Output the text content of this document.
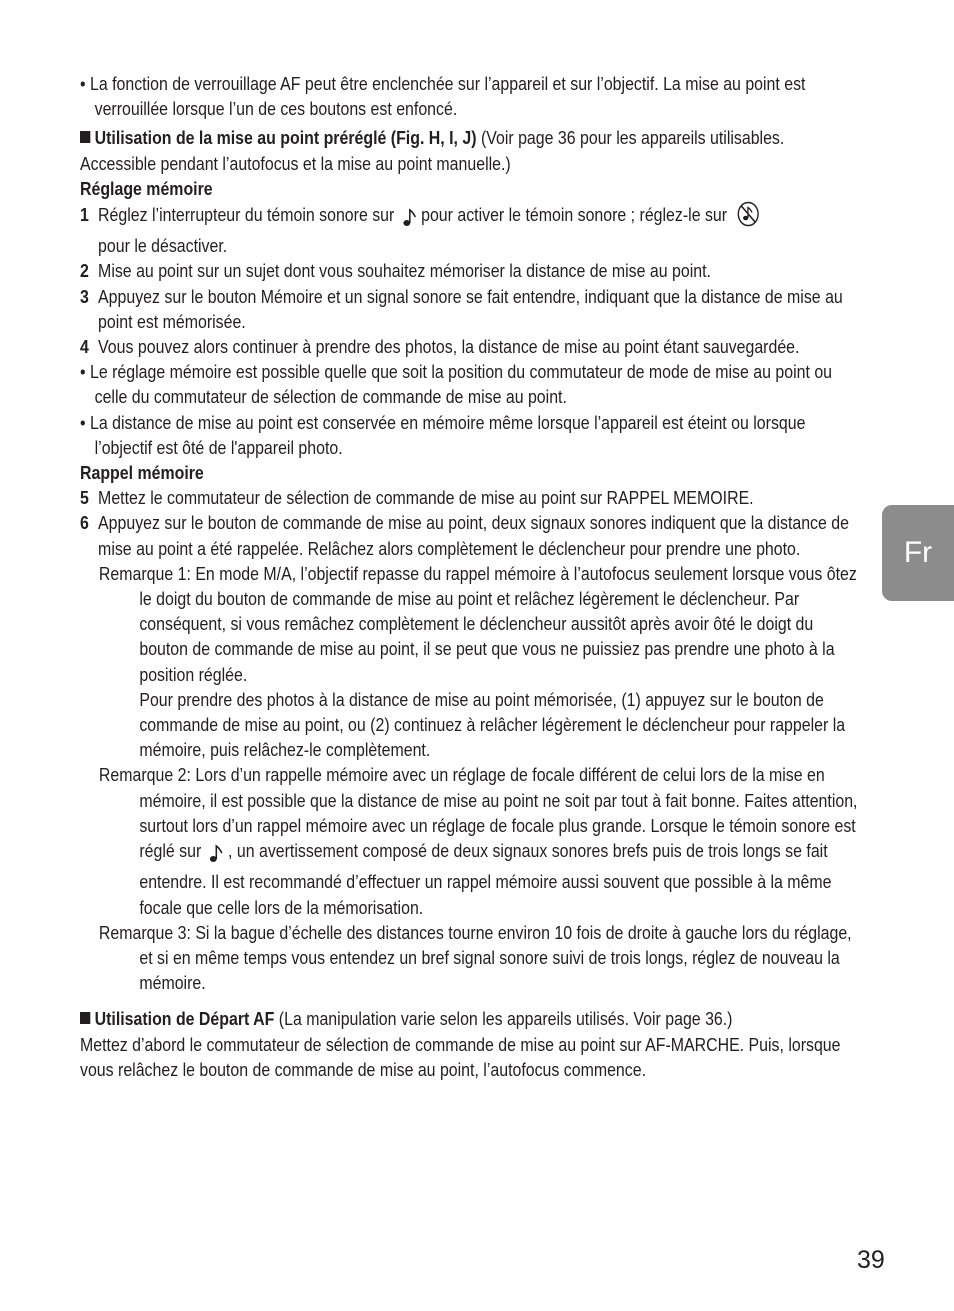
• La fonction de verrouillage AF peut être enclenchée sur l’appareil et sur l’objectif. La mise au point est verrouillée lorsque l’un de ces boutons est enfoncé.

Utilisation de la mise au point préréglé (Fig. H, I, J) (Voir page 36 pour les appareils utilisables. Accessible pendant l’autofocus et la mise au point manuelle.)

Réglage mémoire

1 Réglez l’interrupteur du témoin sonore sur pour activer le témoin sonore ; réglez-le sur
pour le désactiver.

2 Mise au point sur un sujet dont vous souhaitez mémoriser la distance de mise au point.

3 Appuyez sur le bouton Mémoire et un signal sonore se fait entendre, indiquant que la distance de mise au point est mémorisée.

4 Vous pouvez alors continuer à prendre des photos, la distance de mise au point étant sauvegardée.

• Le réglage mémoire est possible quelle que soit la position du commutateur de mode de mise au point ou celle du commutateur de sélection de commande de mise au point.

• La distance de mise au point est conservée en mémoire même lorsque l’appareil est éteint ou lorsque l’objectif est ôté de l'appareil photo.

Rappel mémoire

5 Mettez le commutateur de sélection de commande de mise au point sur RAPPEL MEMOIRE.

6 Appuyez sur le bouton de commande de mise au point, deux signaux sonores indiquent que la distance de mise au point a été rappelée. Relâchez alors complètement le déclencheur pour prendre une photo.

Remarque 1: En mode M/A, l’objectif repasse du rappel mémoire à l’autofocus seulement lorsque vous ôtez le doigt du bouton de commande de mise au point et relâchez légèrement le déclencheur. Par conséquent, si vous remâchez complètement le déclencheur aussitôt après avoir ôté le doigt du bouton de commande de mise au point, il se peut que vous ne puissiez pas prendre une photo à la position réglée.

Pour prendre des photos à la distance de mise au point mémorisée, (1) appuyez sur le bouton de commande de mise au point, ou (2) continuez à relâcher légèrement le déclencheur pour rappeler la mémoire, puis relâchez-le complètement.

Remarque 2: Lors d’un rappelle mémoire avec un réglage de focale différent de celui lors de la mise en mémoire, il est possible que la distance de mise au point ne soit par tout à fait bonne. Faites attention, surtout lors d’un rappel mémoire avec un réglage de focale plus grande. Lorsque le témoin sonore est réglé sur , un avertissement composé de deux signaux sonores brefs puis de trois longs se fait entendre. Il est recommandé d’effectuer un rappel mémoire aussi souvent que possible à la même focale que celle lors de la mémorisation.

Remarque 3: Si la bague d’échelle des distances tourne environ 10 fois de droite à gauche lors du réglage, et si en même temps vous entendez un bref signal sonore suivi de trois longs, réglez de nouveau la mémoire.

Utilisation de Départ AF (La manipulation varie selon les appareils utilisés. Voir page 36.)

Mettez d’abord le commutateur de sélection de commande de mise au point sur AF-MARCHE. Puis, lorsque vous relâchez le bouton de commande de mise au point, l’autofocus commence.

Fr
39
